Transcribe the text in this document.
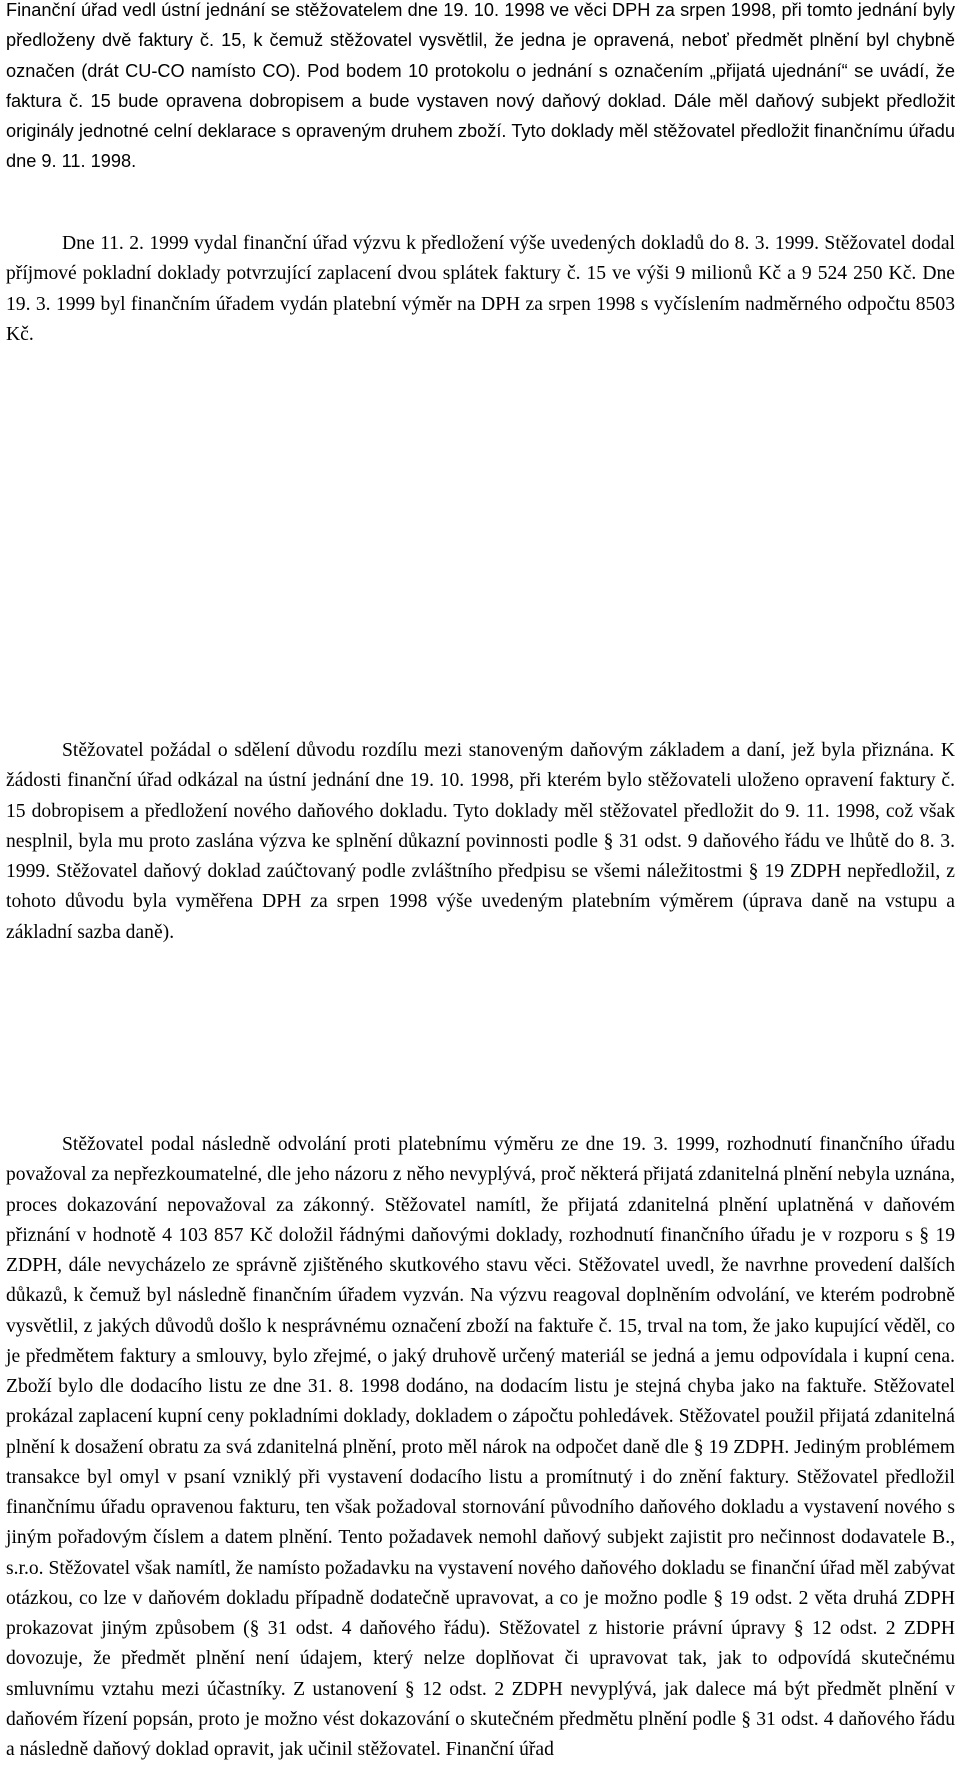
Finanční úřad vedl ústní jednání se stěžovatelem dne 19. 10. 1998 ve věci DPH za srpen 1998, při tomto jednání byly předloženy dvě faktury č. 15, k čemuž stěžovatel vysvětlil, že jedna je opravená, neboť předmět plnění byl chybně označen (drát CU-CO namísto CO). Pod bodem 10 protokolu o jednání s označením „přijatá ujednání“ se uvádí, že faktura č. 15 bude opravena dobropisem a bude vystaven nový daňový doklad. Dále měl daňový subjekt předložit originály jednotné celní deklarace s opraveným druhem zboží. Tyto doklady měl stěžovatel předložit finančnímu úřadu dne 9. 11. 1998.

Dne 11. 2. 1999 vydal finanční úřad výzvu k předložení výše uvedených dokladů do 8. 3. 1999. Stěžovatel dodal příjmové pokladní doklady potvrzující zaplacení dvou splátek faktury č. 15 ve výši 9 milionů Kč a 9 524 250 Kč. Dne 19. 3. 1999 byl finančním úřadem vydán platební výměr na DPH za srpen 1998 s vyčíslením nadměrného odpočtu 8503 Kč.

Stěžovatel požádal o sdělení důvodu rozdílu mezi stanoveným daňovým základem a daní, jež byla přiznána. K žádosti finanční úřad odkázal na ústní jednání dne 19. 10. 1998, při kterém bylo stěžovateli uloženo opravení faktury č. 15 dobropisem a předložení nového daňového dokladu. Tyto doklady měl stěžovatel předložit do 9. 11. 1998, což však nesplnil, byla mu proto zaslána výzva ke splnění důkazní povinnosti podle § 31 odst. 9 daňového řádu ve lhůtě do 8. 3. 1999. Stěžovatel daňový doklad zaúčtovaný podle zvláštního předpisu se všemi náležitostmi § 19 ZDPH nepředložil, z tohoto důvodu byla vyměřena DPH za srpen 1998 výše uvedeným platebním výměrem (úprava daně na vstupu a základní sazba daně).

Stěžovatel podal následně odvolání proti platebnímu výměru ze dne 19. 3. 1999, rozhodnutí finančního úřadu považoval za nepřezkoumatelné, dle jeho názoru z něho nevyplývá, proč některá přijatá zdanitelná plnění nebyla uznána, proces dokazování nepovažoval za zákonný. Stěžovatel namítl, že přijatá zdanitelná plnění uplatněná v daňovém přiznání v hodnotě 4 103 857 Kč doložil řádnými daňovými doklady, rozhodnutí finančního úřadu je v rozporu s § 19 ZDPH, dále nevycházelo ze správně zjištěného skutkového stavu věci. Stěžovatel uvedl, že navrhne provedení dalších důkazů, k čemuž byl následně finančním úřadem vyzván. Na výzvu reagoval doplněním odvolání, ve kterém podrobně vysvětlil, z jakých důvodů došlo k nesprávnému označení zboží na faktuře č. 15, trval na tom, že jako kupující věděl, co je předmětem faktury a smlouvy, bylo zřejmé, o jaký druhově určený materiál se jedná a jemu odpovídala i kupní cena. Zboží bylo dle dodacího listu ze dne 31. 8. 1998 dodáno, na dodacím listu je stejná chyba jako na faktuře. Stěžovatel prokázal zaplacení kupní ceny pokladními doklady, dokladem o zápočtu pohledávek. Stěžovatel použil přijatá zdanitelná plnění k dosažení obratu za svá zdanitelná plnění, proto měl nárok na odpočet daně dle § 19 ZDPH. Jediným problémem transakce byl omyl v psaní vzniklý při vystavení dodacího listu a promítnutý i do znění faktury. Stěžovatel předložil finančnímu úřadu opravenou fakturu, ten však požadoval stornování původního daňového dokladu a vystavení nového s jiným pořadovým číslem a datem plnění. Tento požadavek nemohl daňový subjekt zajistit pro nečinnost dodavatele B., s.r.o. Stěžovatel však namítl, že namísto požadavku na vystavení nového daňového dokladu se finanční úřad měl zabývat otázkou, co lze v daňovém dokladu případně dodatečně upravovat, a co je možno podle § 19 odst. 2 věta druhá ZDPH prokazovat jiným způsobem (§ 31 odst. 4 daňového řádu). Stěžovatel z historie právní úpravy § 12 odst. 2 ZDPH dovozuje, že předmět plnění není údajem, který nelze doplňovat či upravovat tak, jak to odpovídá skutečnému smluvnímu vztahu mezi účastníky. Z ustanovení § 12 odst. 2 ZDPH nevyplývá, jak dalece má být předmět plnění v daňovém řízení popsán, proto je možno vést dokazování o skutečném předmětu plnění podle § 31 odst. 4 daňového řádu a následně daňový doklad opravit, jak učinil stěžovatel. Finanční úřad
